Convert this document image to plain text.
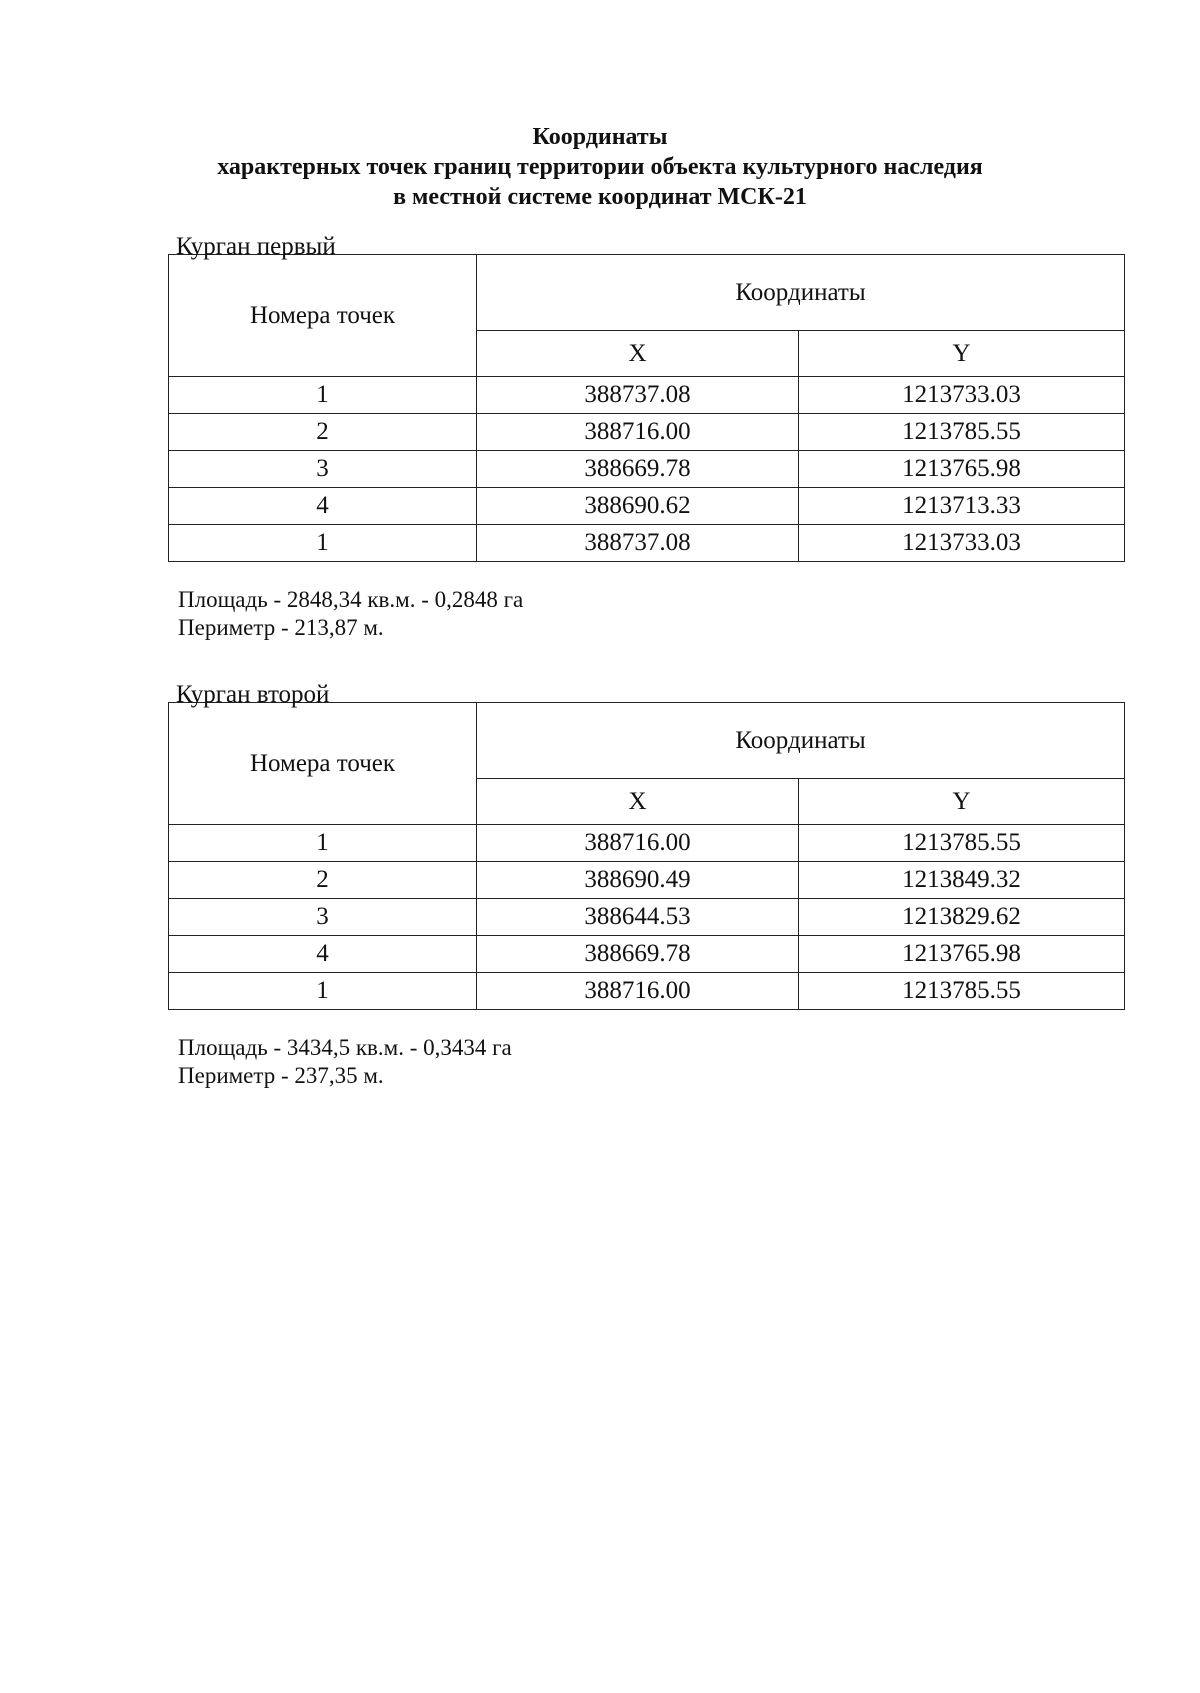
Координаты
характерных точек границ территории объекта культурного наследия
в местной системе координат МСК-21
Курган первый
Номера точек	Координаты	
	X	Y
1	388737.08	1213733.03
2	388716.00	1213785.55
3	388669.78	1213765.98
4	388690.62	1213713.33
1	388737.08	1213733.03
Площадь - 2848,34 кв.м. - 0,2848 га
Периметр - 213,87 м.
Курган второй
Номера точек	Координаты	
	X	Y
1	388716.00	1213785.55
2	388690.49	1213849.32
3	388644.53	1213829.62
4	388669.78	1213765.98
1	388716.00	1213785.55
Площадь - 3434,5 кв.м. - 0,3434 га
Периметр - 237,35 м.
